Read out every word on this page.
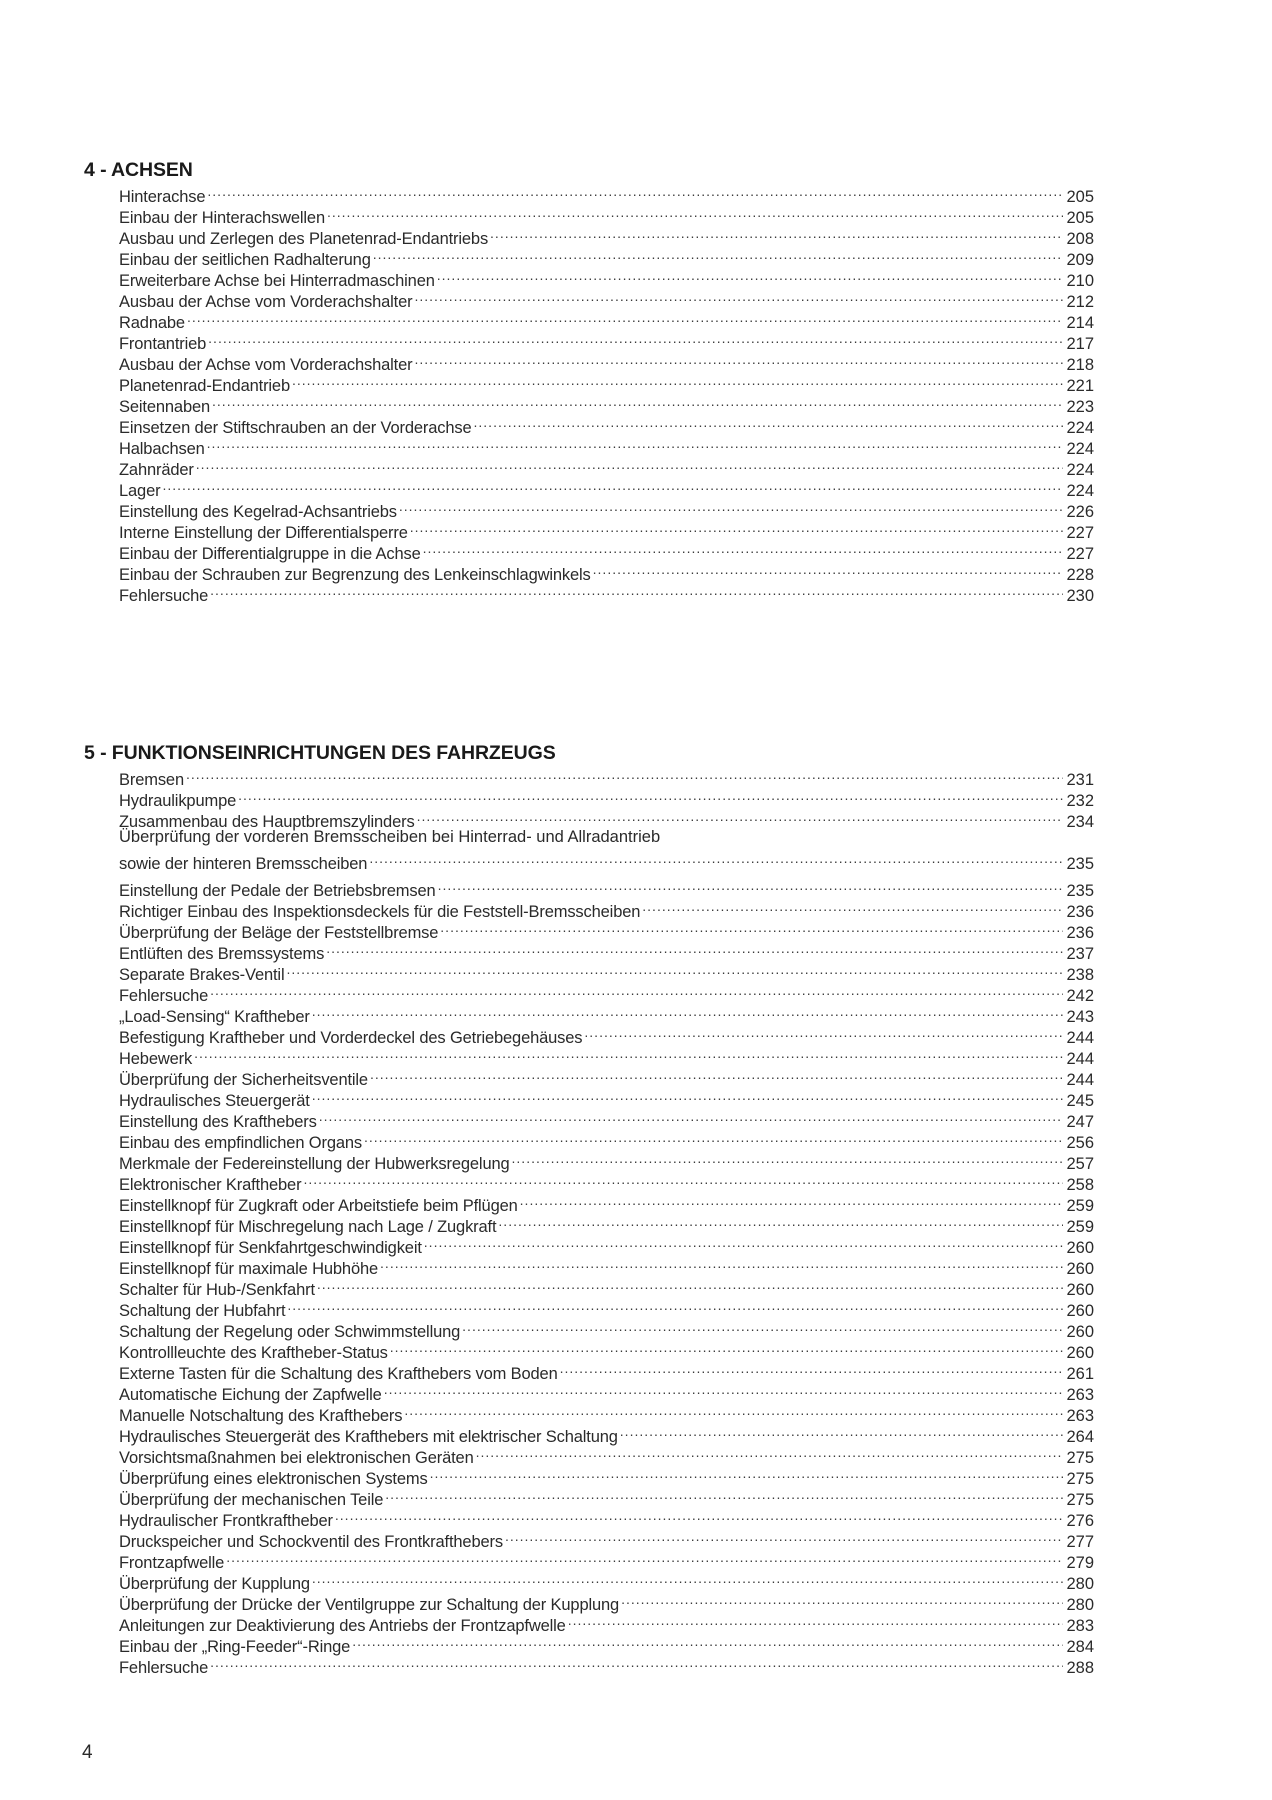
4 - ACHSEN
Hinterachse .....	205
Einbau der Hinterachswellen .....	205
Ausbau und Zerlegen des Planetenrad-Endantriebs .....	208
Einbau der seitlichen Radhalterung .....	209
Erweiterbare Achse bei Hinterradmaschinen .....	210
Ausbau der Achse vom Vorderachshalter .....	212
Radnabe .....	214
Frontantrieb .....	217
Ausbau der Achse vom Vorderachshalter .....	218
Planetenrad-Endantrieb .....	221
Seitennaben .....	223
Einsetzen der Stiftschrauben an der Vorderachse .....	224
Halbachsen .....	224
Zahnräder .....	224
Lager .....	224
Einstellung des Kegelrad-Achsantriebs .....	226
Interne Einstellung der Differentialsperre .....	227
Einbau der Differentialgruppe in die Achse .....	227
Einbau der Schrauben zur Begrenzung des Lenkeinschlagwinkels .....	228
Fehlersuche .....	230
5 - FUNKTIONSEINRICHTUNGEN DES FAHRZEUGS
Bremsen .....	231
Hydraulikpumpe .....	232
Zusammenbau des Hauptbremszylinders .....	234
Überprüfung der vorderen Bremsscheiben bei Hinterrad- und Allradantrieb
sowie der hinteren Bremsscheiben .....	235
Einstellung der Pedale der Betriebsbremsen .....	235
Richtiger Einbau des Inspektionsdeckels für die Feststell-Bremsscheiben .....	236
Überprüfung der Beläge der Feststellbremse .....	236
Entlüften des Bremssystems .....	237
Separate Brakes-Ventil .....	238
Fehlersuche .....	242
„Load-Sensing“ Kraftheber .....	243
Befestigung Kraftheber und Vorderdeckel des Getriebegehäuses .....	244
Hebewerk .....	244
Überprüfung der Sicherheitsventile .....	244
Hydraulisches Steuergerät .....	245
Einstellung des Krafthebers .....	247
Einbau des empfindlichen Organs .....	256
Merkmale der Federeinstellung der Hubwerksregelung .....	257
Elektronischer Kraftheber .....	258
Einstellknopf für Zugkraft oder Arbeitstiefe beim Pflügen .....	259
Einstellknopf für Mischregelung nach Lage / Zugkraft .....	259
Einstellknopf für Senkfahrtgeschwindigkeit .....	260
Einstellknopf für maximale Hubhöhe .....	260
Schalter für Hub-/Senkfahrt .....	260
Schaltung der Hubfahrt .....	260
Schaltung der Regelung oder Schwimmstellung .....	260
Kontrollleuchte des Kraftheber-Status .....	260
Externe Tasten für die Schaltung des Krafthebers vom Boden .....	261
Automatische Eichung der Zapfwelle .....	263
Manuelle Notschaltung des Krafthebers .....	263
Hydraulisches Steuergerät des Krafthebers mit elektrischer Schaltung .....	264
Vorsichtsmaßnahmen bei elektronischen Geräten .....	275
Überprüfung eines elektronischen Systems .....	275
Überprüfung der mechanischen Teile .....	275
Hydraulischer Frontkraftheber .....	276
Druckspeicher und Schockventil des Frontkrafthebers .....	277
Frontzapfwelle .....	279
Überprüfung der Kupplung .....	280
Überprüfung der Drücke der Ventilgruppe zur Schaltung der Kupplung .....	280
Anleitungen zur Deaktivierung des Antriebs der Frontzapfwelle .....	283
Einbau der „Ring-Feeder“-Ringe .....	284
Fehlersuche .....	288
4
